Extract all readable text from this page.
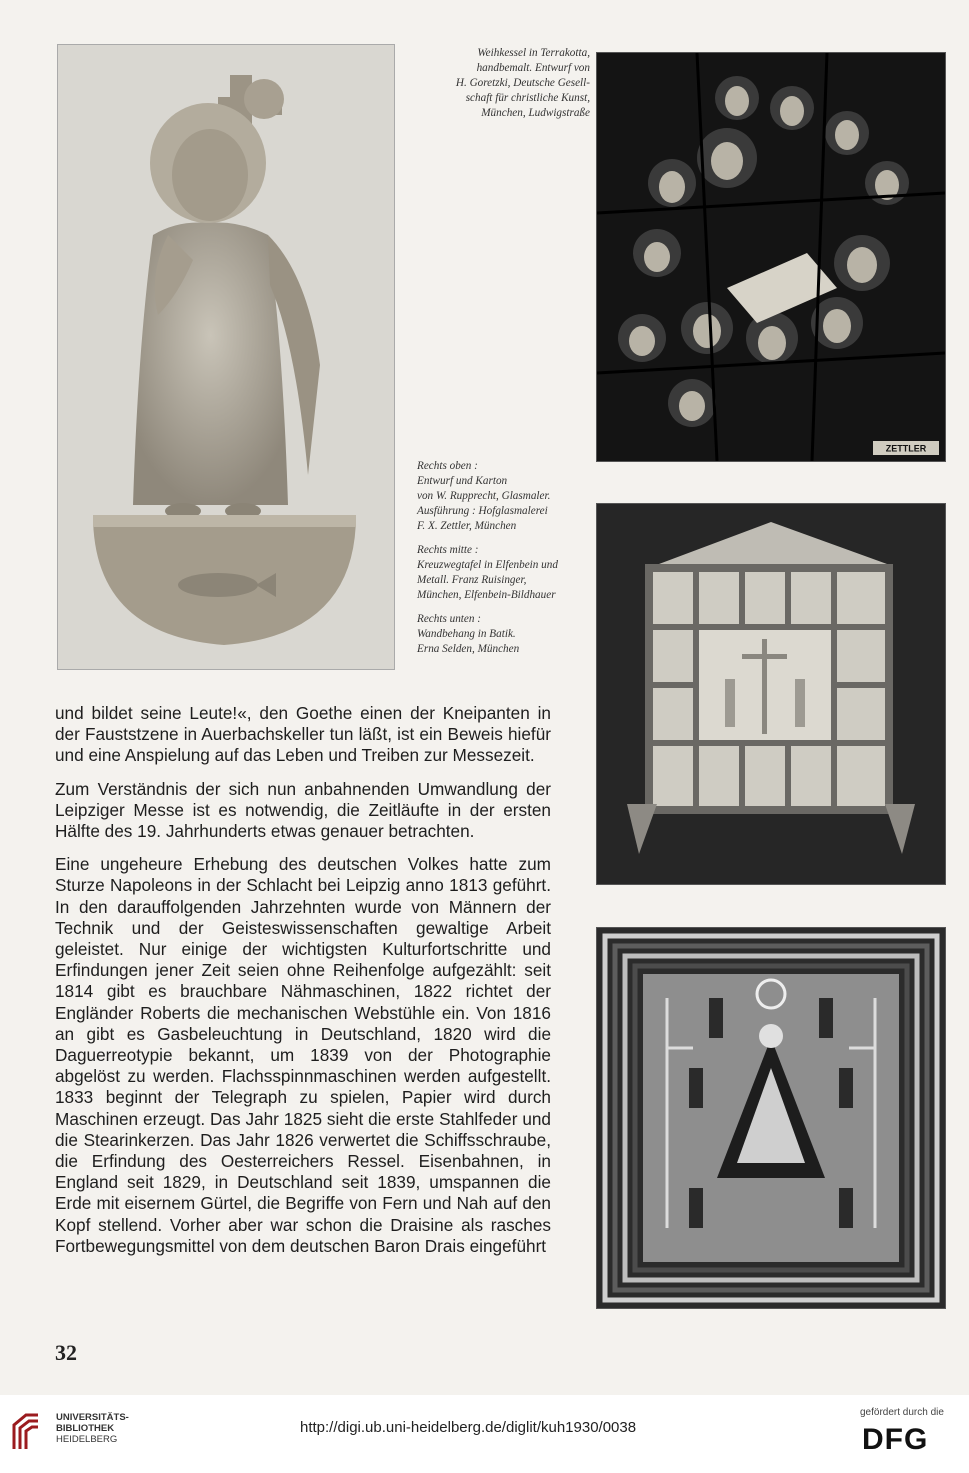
Weihkessel in Terrakotta,

handbemalt. Entwurf von

H. Goretzki, Deutsche Gesell-

schaft für christliche Kunst,

München, Ludwigstraße

ZETTLER

Rechts oben :

Entwurf und Karton

von W. Rupprecht, Glasmaler.

Ausführung : Hofglasmalerei

F. X. Zettler, München

Rechts mitte :

Kreuzwegtafel in Elfenbein und

Metall. Franz Ruisinger,

München, Elfenbein-Bildhauer

Rechts unten :

Wandbehang in Batik.

Erna Selden, München

und bildet seine Leute!«, den Goethe einen der Kneipanten in der Fauststzene in Auerbachskeller tun läßt, ist ein Beweis hiefür und eine Anspielung auf das Leben und Treiben zur Messezeit.

Zum Verständnis der sich nun anbahnenden Umwandlung der Leipziger Messe ist es notwendig, die Zeitläufte in der ersten Hälfte des 19. Jahrhunderts etwas genauer betrachten.

Eine ungeheure Erhebung des deutschen Volkes hatte zum Sturze Napoleons in der Schlacht bei Leipzig anno 1813 geführt. In den darauffolgenden Jahrzehnten wurde von Männern der Technik und der Geisteswissenschaften gewaltige Arbeit geleistet. Nur einige der wichtigsten Kulturfortschritte und Erfindungen jener Zeit seien ohne Reihenfolge aufgezählt: seit 1814 gibt es brauchbare Nähmaschinen, 1822 richtet der Engländer Roberts die mechanischen Webstühle ein. Von 1816 an gibt es Gasbeleuchtung in Deutschland, 1820 wird die Daguerreotypie bekannt, um 1839 von der Photographie abgelöst zu werden. Flachsspinnmaschinen werden aufgestellt. 1833 beginnt der Telegraph zu spielen, Papier wird durch Maschinen erzeugt. Das Jahr 1825 sieht die erste Stahlfeder und die Stearinkerzen. Das Jahr 1826 verwertet die Schiffsschraube, die Erfindung des Oesterreichers Ressel. Eisenbahnen, in England seit 1829, in Deutschland seit 1839, umspannen die Erde mit eisernem Gürtel, die Begriffe von Fern und Nah auf den Kopf stellend. Vorher aber war schon die Draisine als rasches Fortbewegungsmittel von dem deutschen Baron Drais eingeführt

32
UNIVERSITÄTS-
BIBLIOTHEK
HEIDELBERG
http://digi.ub.uni-heidelberg.de/diglit/kuh1930/0038
gefördert durch die
DFG
